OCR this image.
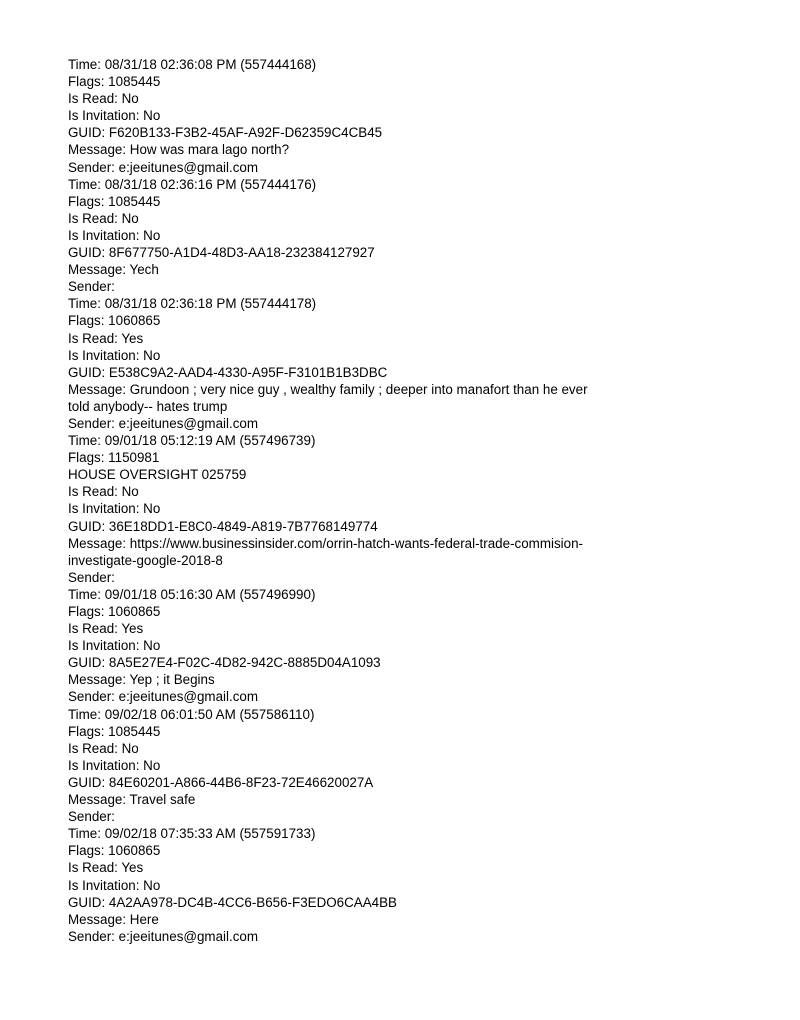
Time: 08/31/18 02:36:08 PM (557444168)
Flags: 1085445
Is Read: No
Is Invitation: No
GUID: F620B133-F3B2-45AF-A92F-D62359C4CB45
Message: How was mara lago north?
Sender: e:jeeitunes@gmail.com
Time: 08/31/18 02:36:16 PM (557444176)
Flags: 1085445
Is Read: No
Is Invitation: No
GUID: 8F677750-A1D4-48D3-AA18-232384127927
Message: Yech
Sender:
Time: 08/31/18 02:36:18 PM (557444178)
Flags: 1060865
Is Read: Yes
Is Invitation: No
GUID: E538C9A2-AAD4-4330-A95F-F3101B1B3DBC
Message: Grundoon ; very nice guy , wealthy family ; deeper into manafort than he ever
told anybody-- hates trump
Sender: e:jeeitunes@gmail.com
Time: 09/01/18 05:12:19 AM (557496739)
Flags: 1150981
HOUSE OVERSIGHT 025759
Is Read: No
Is Invitation: No
GUID: 36E18DD1-E8C0-4849-A819-7B7768149774
Message: https://www.businessinsider.com/orrin-hatch-wants-federal-trade-commision-
investigate-google-2018-8
Sender:
Time: 09/01/18 05:16:30 AM (557496990)
Flags: 1060865
Is Read: Yes
Is Invitation: No
GUID: 8A5E27E4-F02C-4D82-942C-8885D04A1093
Message: Yep ; it Begins
Sender: e:jeeitunes@gmail.com
Time: 09/02/18 06:01:50 AM (557586110)
Flags: 1085445
Is Read: No
Is Invitation: No
GUID: 84E60201-A866-44B6-8F23-72E46620027A
Message: Travel safe
Sender:
Time: 09/02/18 07:35:33 AM (557591733)
Flags: 1060865
Is Read: Yes
Is Invitation: No
GUID: 4A2AA978-DC4B-4CC6-B656-F3EDO6CAA4BB
Message: Here
Sender: e:jeeitunes@gmail.com
